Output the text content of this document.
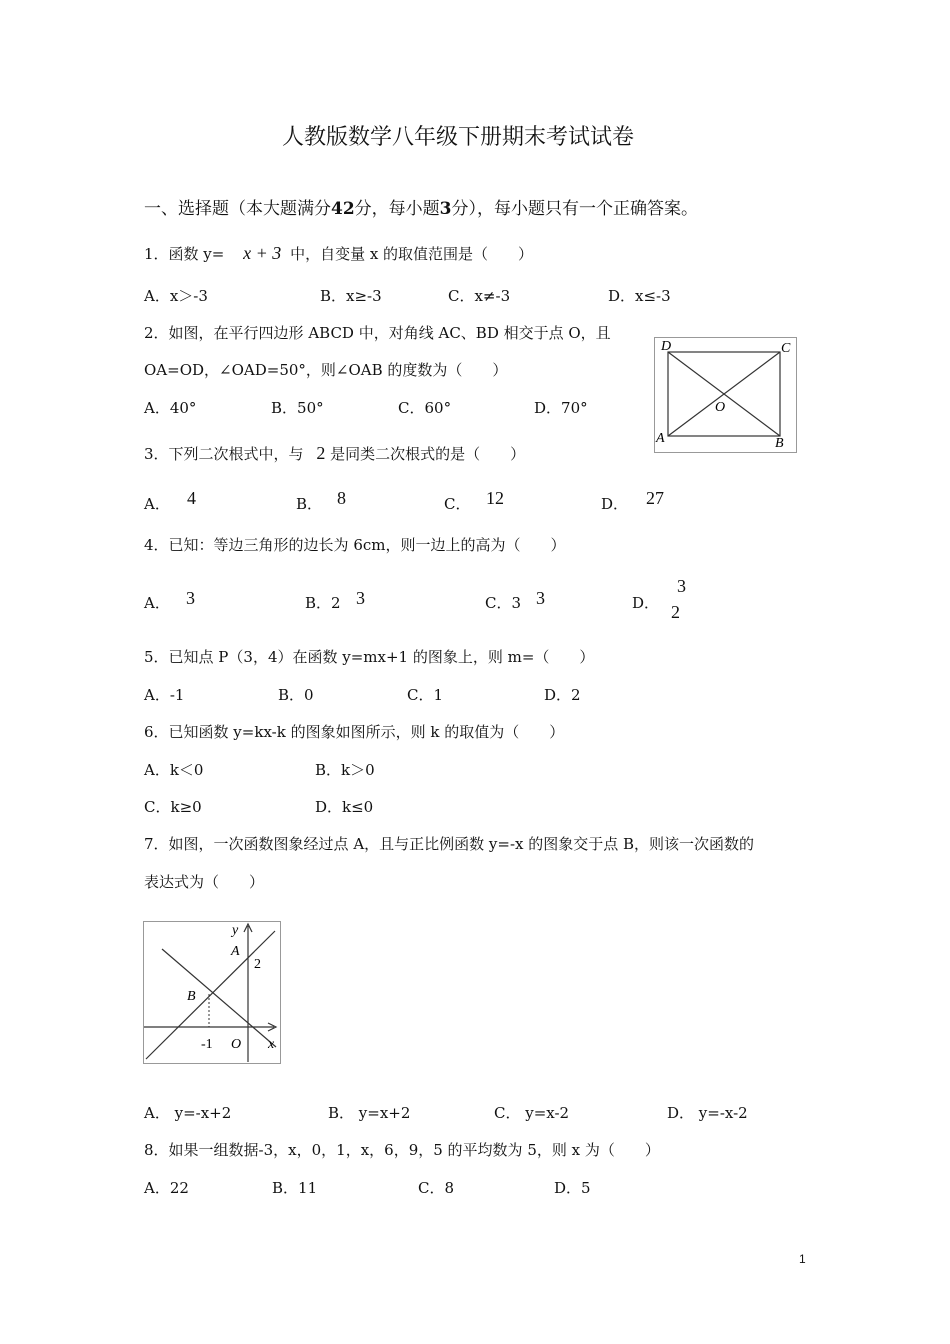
人教版数学八年级下册期末考试试卷
一、选择题（本大题满分42分，每小题3分），每小题只有一个正确答案。
1．函数 y= x + 3 中，自变量 x 的取值范围是（　　）
A．x＞-3	B．x≥-3	C．x≠-3	D．x≤-3
2．如图，在平行四边形 ABCD 中，对角线 AC、BD 相交于点 O，且
OA=OD，∠OAD=50°，则∠OAB 的度数为（　　）
A．40°	B．50°	C．60°	D．70°
D	C
O
A	B
3．下列二次根式中，与 2 是同类二次根式的是（　　）
A． 4	B． 8	C． 12	D． 27
4．已知：等边三角形的边长为 6cm，则一边上的高为（　　）
A． 3	B．2 3	C．3 3	D．
3
2
5．已知点 P（3，4）在函数 y=mx+1 的图象上，则 m=（　　）
A．-1	B．0	C．1	D．2
6．已知函数 y=kx-k 的图象如图所示，则 k 的取值为（　　）
A．k＜0	B．k＞0
C．k≥0	D．k≤0
7．如图，一次函数图象经过点 A，且与正比例函数 y=-x 的图象交于点 B，则该一次函数的
表达式为（　　）
y
A
2
B
-1 O x
A． y=-x+2	B． y=x+2	C． y=x-2	D． y=-x-2
8．如果一组数据-3，x，0，1，x，6，9，5 的平均数为 5，则 x 为（　　）
A．22	B．11	C．8	D．5
1
